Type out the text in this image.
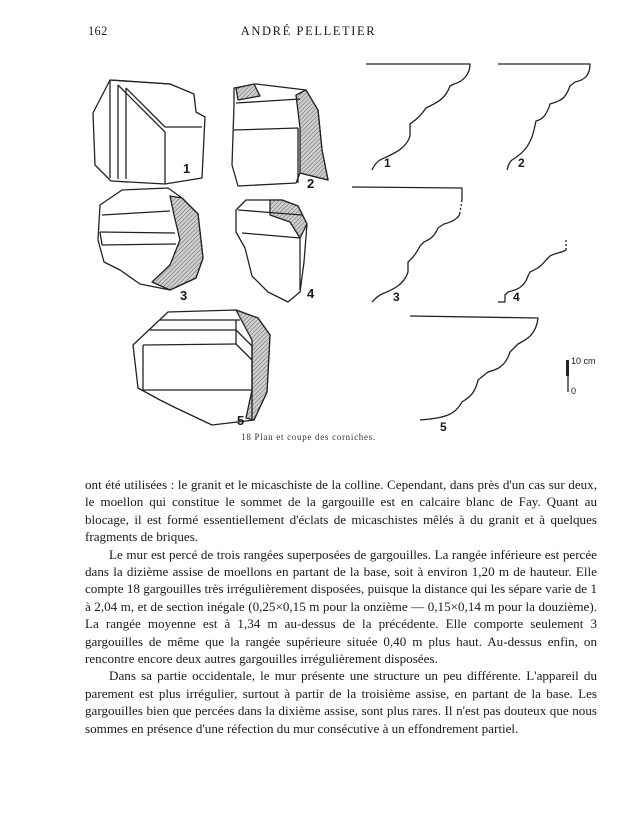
162	ANDRÉ PELLETIER
1
2
3	4
5
1	2
3	4
5
10 cm
0
18 Plan et coupe des corniches.

ont été utilisées : le granit et le micaschiste de la colline. Cependant, dans près d'un cas sur deux, le moellon qui constitue le sommet de la gargouille est en calcaire blanc de Fay. Quant au blocage, il est formé essentiellement d'éclats de micaschistes mêlés à du granit et à quelques fragments de briques.

Le mur est percé de trois rangées superposées de gargouilles. La rangée inférieure est percée dans la dizième assise de moellons en partant de la base, soit à environ 1,20 m de hauteur. Elle compte 18 gargouilles très irrégulièrement disposées, puisque la distance qui les sépare varie de 1 à 2,04 m, et de section inégale (0,25×0,15 m pour la onzième — 0,15×0,14 m pour la douzième). La rangée moyenne est à 1,34 m au-dessus de la précédente. Elle comporte seulement 3 gargouilles de même que la rangée supérieure située 0,40 m plus haut. Au-dessus enfin, on rencontre encore deux autres gargouilles irrégulièrement disposées.

Dans sa partie occidentale, le mur présente une structure un peu différente. L'appareil du parement est plus irrégulier, surtout à partir de la troisième assise, en partant de la base. Les gargouilles bien que percées dans la dixième assise, sont plus rares. Il n'est pas douteux que nous sommes en présence d'une réfection du mur consécutive à un effondrement partiel.
